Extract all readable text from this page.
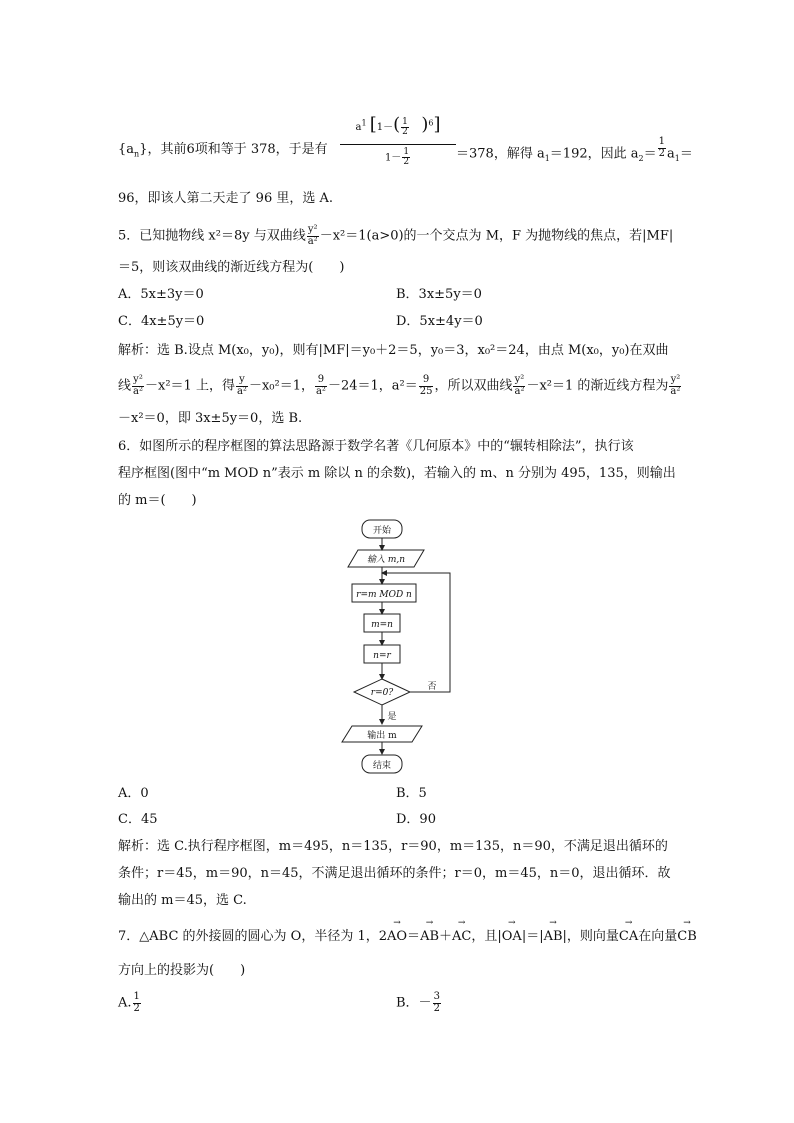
$\{a_n\}$，其前6项和等于 378，于是有
$a^1$ $[1-( \frac{1}{2} )^6]$
$1- \frac{1}{2}$	＝378，解得 $a_1=192$，因此 $a_2= \frac{1}{2} a_1=$
96，即该人第二天走了 96 里，选 A.
5．已知抛物线 x²＝8y 与双曲线 $\frac{\text{y²}}{\text{a²}} -x^2=1(a>0)$的一个交点为 M，F 为抛物线的焦点，若|MF|
＝5，则该双曲线的渐近线方程为(　　)
A．5x±3y＝0	B．3x±5y＝0
C．4x±5y＝0	D．5x±4y＝0
解析：选 B.设点 M(x₀，y₀)，则有|MF|＝y₀＋2＝5，y₀＝3，x₀²＝24，由点 M(x₀，y₀)在双曲
线 $\frac{\text{y²}}{\text{a²}} -x^2=1$ 上，得 $\frac{y}{\text{a²}} -x_0^2=1$， $\frac{9}{\text{a²}} -24=1$，$a^2= \frac{9}{25}$ ，所以双曲线 $\frac{\text{y²}}{\text{a²}} -x^2=1$ 的渐近线方程为 $\frac{\text{y²}}{\text{a²}}$
－x²＝0，即 3x±5y＝0，选 B.
6．如图所示的程序框图的算法思路源于数学名著《几何原本》中的“辗转相除法”，执行该
程序框图(图中“m MOD n”表示 m 除以 n 的余数)，若输入的 m、n 分别为 495，135，则输出
的 m＝(　　)
开始
输入 m,n
r=m MOD n
m=n
n=r
r=0?
否
是
输出 m
结束
A．0	B．5
C．45	D．90
解析：选 C.执行程序框图，m＝495，n＝135，r＝90，m＝135，n＝90，不满足退出循环的
条件；r＝45，m＝90，n＝45，不满足退出循环的条件；r＝0，m＝45，n＝0，退出循环．故
输出的 m＝45，选 C.
7．△ABC 的外接圆的圆心为 O，半径为 1，2→ AO＝→ AB＋→ AC，且|→ OA|＝|→ AB|，则向量→ CA在向量→ CB
方向上的投影为(　　)
A. $\frac{1}{2}$	B．－ $\frac{3}{2}$
